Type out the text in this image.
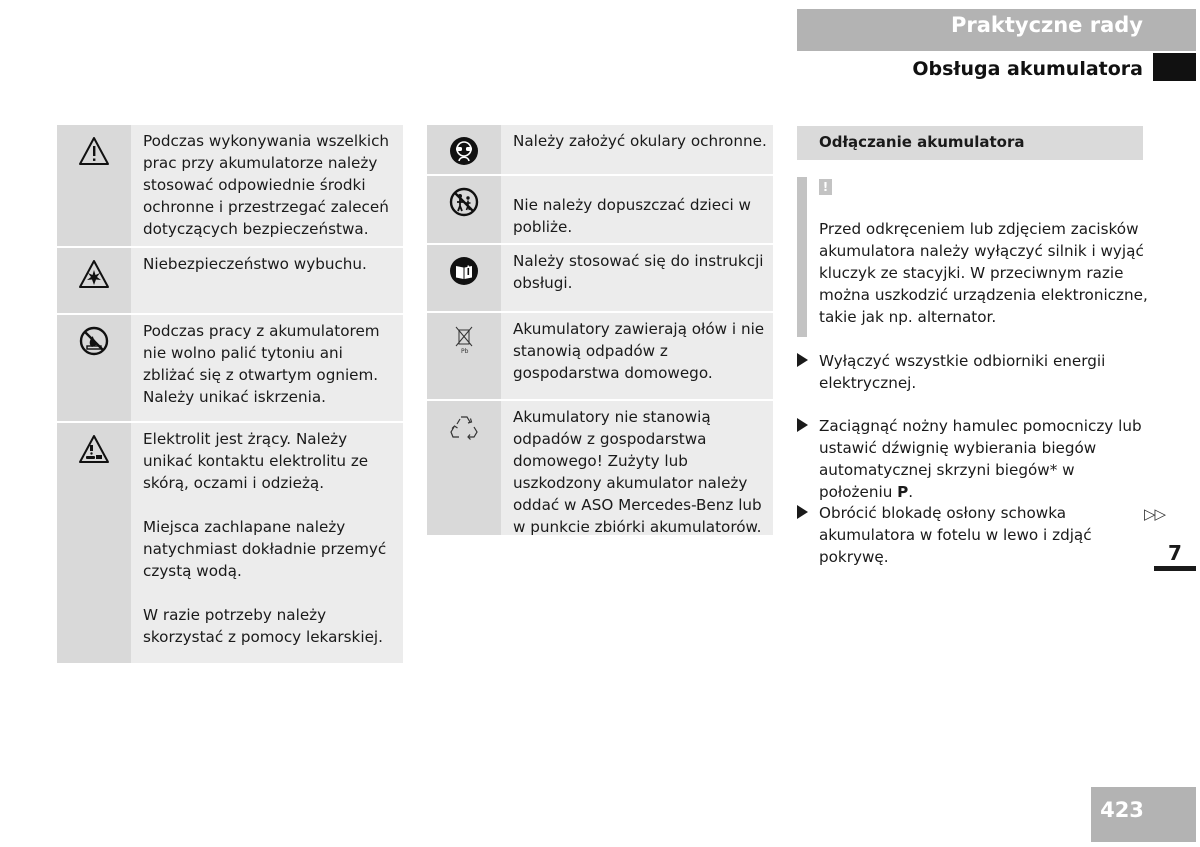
Praktyczne rady
Obsługa akumulatora

Podczas wykonywania wszelkich prac przy akumulatorze należy stosować odpowiednie środki ochronne i przestrzegać zaleceń dotyczących bezpieczeństwa.

Niebezpieczeństwo wybuchu.

Podczas pracy z akumulatorem nie wolno palić tytoniu ani zbliżać się z otwartym ogniem. Należy unikać iskrzenia.

Elektrolit jest żrący. Należy unikać kontaktu elektrolitu ze skórą, oczami i odzieżą.

Miejsca zachlapane należy natychmiast dokładnie przemyć czystą wodą.

W razie potrzeby należy skorzystać z pomocy lekarskiej.

Należy założyć okulary ochronne.

Nie należy dopuszczać dzieci w pobliże.

Należy stosować się do instrukcji obsługi.

Pb

Akumulatory zawierają ołów i nie stanowią odpadów z gospodarstwa domowego.

Akumulatory nie stanowią odpadów z gospodarstwa domowego! Zużyty lub uszkodzony akumulator należy oddać w ASO Mercedes-Benz lub w punkcie zbiórki akumulatorów.

Odłączanie akumulatora
!
Przed odkręceniem lub zdjęciem zacisków akumulatora należy wyłączyć silnik i wyjąć kluczyk ze stacyjki. W przeciwnym razie można uszkodzić urządzenia elektroniczne, takie jak np. alternator.
Wyłączyć wszystkie odbiorniki energii elektrycznej.
Zaciągnąć nożny hamulec pomocniczy lub ustawić dźwignię wybierania biegów automatycznej skrzyni biegów* w położeniu P.
Obrócić blokadę osłony schowka akumulatora w fotelu w lewo i zdjąć pokrywę.
▷▷
7
423
